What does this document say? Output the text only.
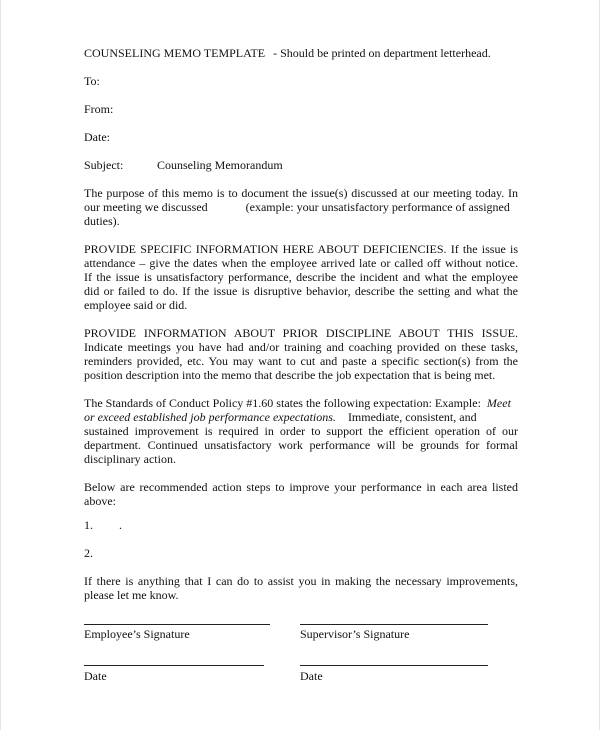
COUNSELING MEMO TEMPLATE - Should be printed on department letterhead.
To:
From:
Date:
Subject:	Counseling Memorandum
The purpose of this memo is to document the issue(s) discussed at our meeting today. In
our meeting we discussed	(example: your unsatisfactory performance of assigned
duties).
PROVIDE SPECIFIC INFORMATION HERE ABOUT DEFICIENCIES. If the issue is
attendance – give the dates when the employee arrived late or called off without notice.
If the issue is unsatisfactory performance, describe the incident and what the employee
did or failed to do. If the issue is disruptive behavior, describe the setting and what the
employee said or did.
PROVIDE INFORMATION ABOUT PRIOR DISCIPLINE ABOUT THIS ISSUE.
Indicate meetings you have had and/or training and coaching provided on these tasks,
reminders provided, etc. You may want to cut and paste a specific section(s) from the
position description into the memo that describe the job expectation that is being met.
The Standards of Conduct Policy #1.60 states the following expectation: Example: Meet
or exceed established job performance expectations. Immediate, consistent, and
sustained improvement is required in order to support the efficient operation of our
department. Continued unsatisfactory work performance will be grounds for formal
disciplinary action.
Below are recommended action steps to improve your performance in each area listed
above:
1. .
2.
If there is anything that I can do to assist you in making the necessary improvements,
please let me know.
Employee’s Signature	Supervisor’s Signature
Date	Date
